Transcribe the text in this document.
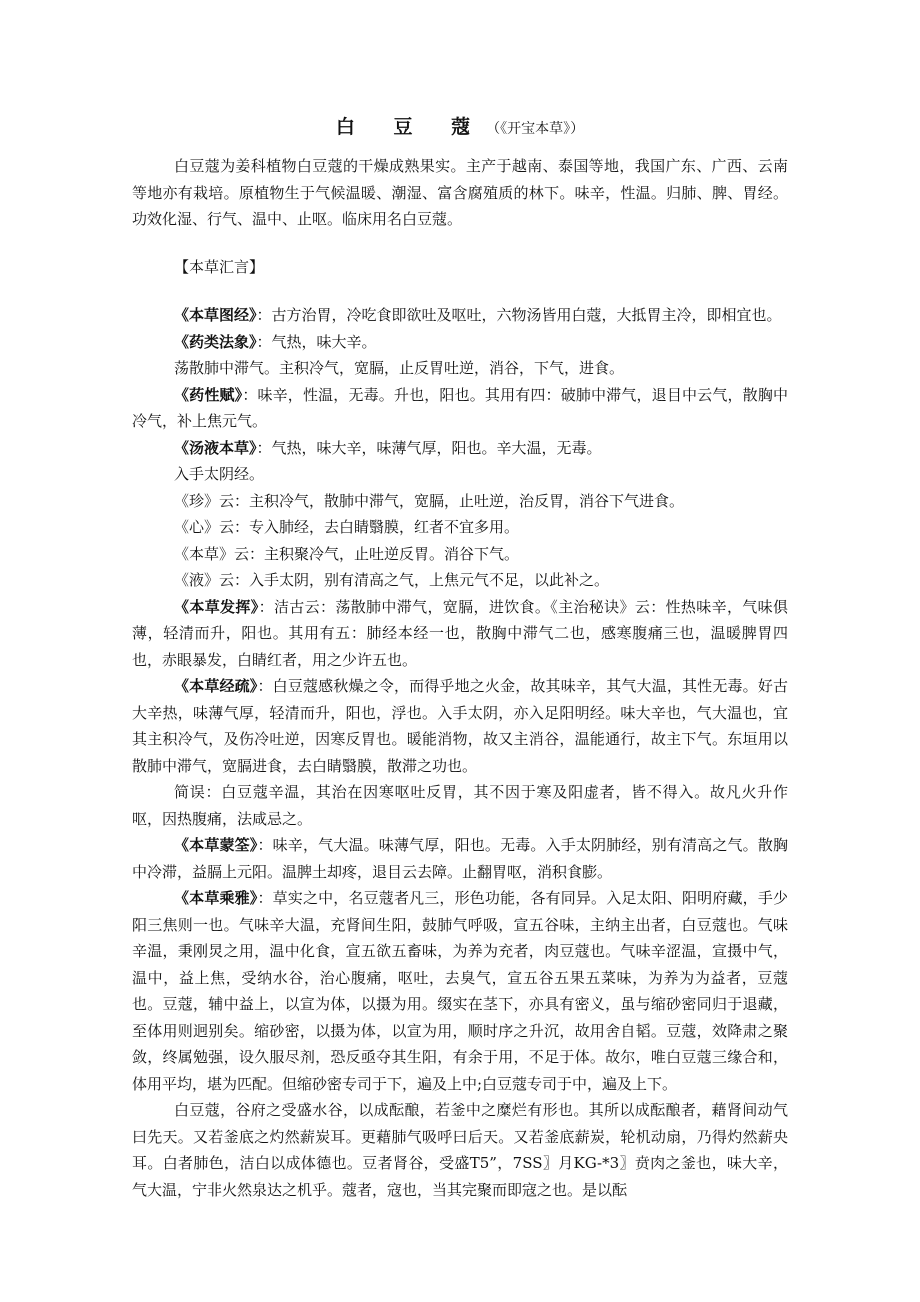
白 豆 蔻（《开宝本草》）

白豆蔻为姜科植物白豆蔻的干燥成熟果实。主产于越南、泰国等地，我国广东、广西、云南等地亦有栽培。原植物生于气候温暖、潮湿、富含腐殖质的林下。味辛，性温。归肺、脾、胃经。功效化湿、行气、温中、止呕。临床用名白豆蔻。

【本草汇言】

《本草图经》：古方治胃，冷吃食即欲吐及呕吐，六物汤皆用白蔻，大抵胃主冷，即相宜也。

《药类法象》：气热，味大辛。

荡散肺中滞气。主积冷气，宽膈，止反胃吐逆，消谷，下气，进食。

《药性赋》：味辛，性温，无毒。升也，阳也。其用有四：破肺中滞气，退目中云气，散胸中冷气，补上焦元气。

《汤液本草》：气热，味大辛，味薄气厚，阳也。辛大温，无毒。

入手太阴经。

《珍》云：主积冷气，散肺中滞气，宽膈，止吐逆，治反胃，消谷下气进食。

《心》云：专入肺经，去白睛翳膜，红者不宜多用。

《本草》云：主积聚冷气，止吐逆反胃。消谷下气。

《液》云：入手太阴，别有清高之气，上焦元气不足，以此补之。

《本草发挥》：洁古云：荡散肺中滞气，宽膈，进饮食。《主治秘诀》云：性热味辛，气味俱薄，轻清而升，阳也。其用有五：肺经本经一也，散胸中滞气二也，感寒腹痛三也，温暖脾胃四也，赤眼暴发，白睛红者，用之少许五也。

《本草经疏》：白豆蔻感秋燥之令，而得乎地之火金，故其味辛，其气大温，其性无毒。好古大辛热，味薄气厚，轻清而升，阳也，浮也。入手太阴，亦入足阳明经。味大辛也，气大温也，宜其主积冷气，及伤冷吐逆，因寒反胃也。暖能消物，故又主消谷，温能通行，故主下气。东垣用以散肺中滞气，宽膈进食，去白睛翳膜，散滞之功也。

简误：白豆蔻辛温，其治在因寒呕吐反胃，其不因于寒及阳虚者，皆不得入。故凡火升作呕，因热腹痛，法咸忌之。

《本草蒙筌》：味辛，气大温。味薄气厚，阳也。无毒。入手太阴肺经，别有清高之气。散胸中冷滞，益膈上元阳。温脾土却疼，退目云去障。止翻胃呕，消积食膨。

《本草乘雅》：草实之中，名豆蔻者凡三，形色功能，各有同异。入足太阳、阳明府藏，手少阳三焦则一也。气味辛大温，充肾间生阳，鼓肺气呼吸，宣五谷味，主纳主出者，白豆蔻也。气味辛温，秉刚炅之用，温中化食，宣五欲五畜味，为养为充者，肉豆蔻也。气味辛涩温，宣摄中气，温中，益上焦，受纳水谷，治心腹痛，呕吐，去臭气，宣五谷五果五菜味，为养为为益者，豆蔻也。豆蔻，辅中益上，以宣为体，以摄为用。缀实在茎下，亦具有密义，虽与缩砂密同归于退藏，至体用则迥别矣。缩砂密，以摄为体，以宣为用，顺时序之升沉，故用舍自韬。豆蔻，效降肃之聚敛，终属勉强，设久服尽剂，恐反亟夺其生阳，有余于用，不足于体。故尔，唯白豆蔻三缘合和，体用平均，堪为匹配。但缩砂密专司于下，遍及上中;白豆蔻专司于中，遍及上下。

白豆蔻，谷府之受盛水谷，以成酝酿，若釜中之糜烂有形也。其所以成酝酿者，藉肾间动气曰先天。又若釜底之灼然薪炭耳。更藉肺气吸呼曰后天。又若釜底薪炭，轮机动扇，乃得灼然薪央耳。白者肺色，洁白以成体德也。豆者肾谷，受盛T5”，7SS〗月KG-*3〗贲肉之釜也，味大辛，气大温，宁非火然泉达之机乎。蔻者，寇也，当其完聚而即寇之也。是以酝
